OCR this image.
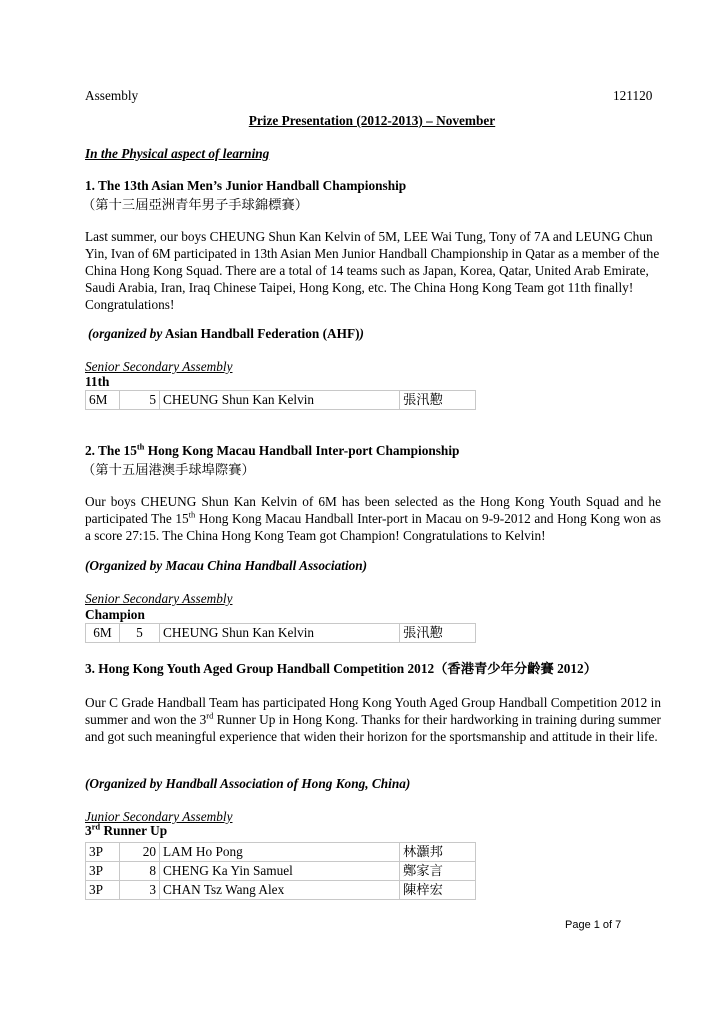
Assembly	121120
Prize Presentation (2012-2013) – November
In the Physical aspect of learning
1. The 13th Asian Men’s Junior Handball Championship
（第十三屆亞洲青年男子手球錦標賽）
Last summer, our boys CHEUNG Shun Kan Kelvin of 5M, LEE Wai Tung, Tony of 7A and LEUNG Chun Yin, Ivan of 6M participated in 13th Asian Men Junior Handball Championship in Qatar as a member of the China Hong Kong Squad. There are a total of 14 teams such as Japan, Korea, Qatar, United Arab Emirate, Saudi Arabia, Iran, Iraq Chinese Taipei, Hong Kong, etc. The China Hong Kong Team got 11th finally! Congratulations!
(organized by Asian Handball Federation (AHF))
Senior Secondary Assembly
11th
6M	5	CHEUNG Shun Kan Kelvin	張汛懃
2. The 15th Hong Kong Macau Handball Inter-port Championship
（第十五屆港澳手球埠際賽）
Our boys CHEUNG Shun Kan Kelvin of 6M has been selected as the Hong Kong Youth Squad and he participated The 15th Hong Kong Macau Handball Inter-port in Macau on 9-9-2012 and Hong Kong won as a score 27:15. The China Hong Kong Team got Champion! Congratulations to Kelvin!
(Organized by Macau China Handball Association)
Senior Secondary Assembly
Champion
6M	5	CHEUNG Shun Kan Kelvin	張汛懃
3. Hong Kong Youth Aged Group Handball Competition 2012（香港青少年分齡賽 2012）
Our C Grade Handball Team has participated Hong Kong Youth Aged Group Handball Competition 2012 in summer and won the 3rd Runner Up in Hong Kong. Thanks for their hardworking in training during summer and got such meaningful experience that widen their horizon for the sportsmanship and attitude in their life.
(Organized by Handball Association of Hong Kong, China)
Junior Secondary Assembly
3rd Runner Up
3P	20	LAM Ho Pong	林灝邦
3P	8	CHENG Ka Yin Samuel	鄭家言
3P	3	CHAN Tsz Wang Alex	陳梓宏
Page 1 of 7
